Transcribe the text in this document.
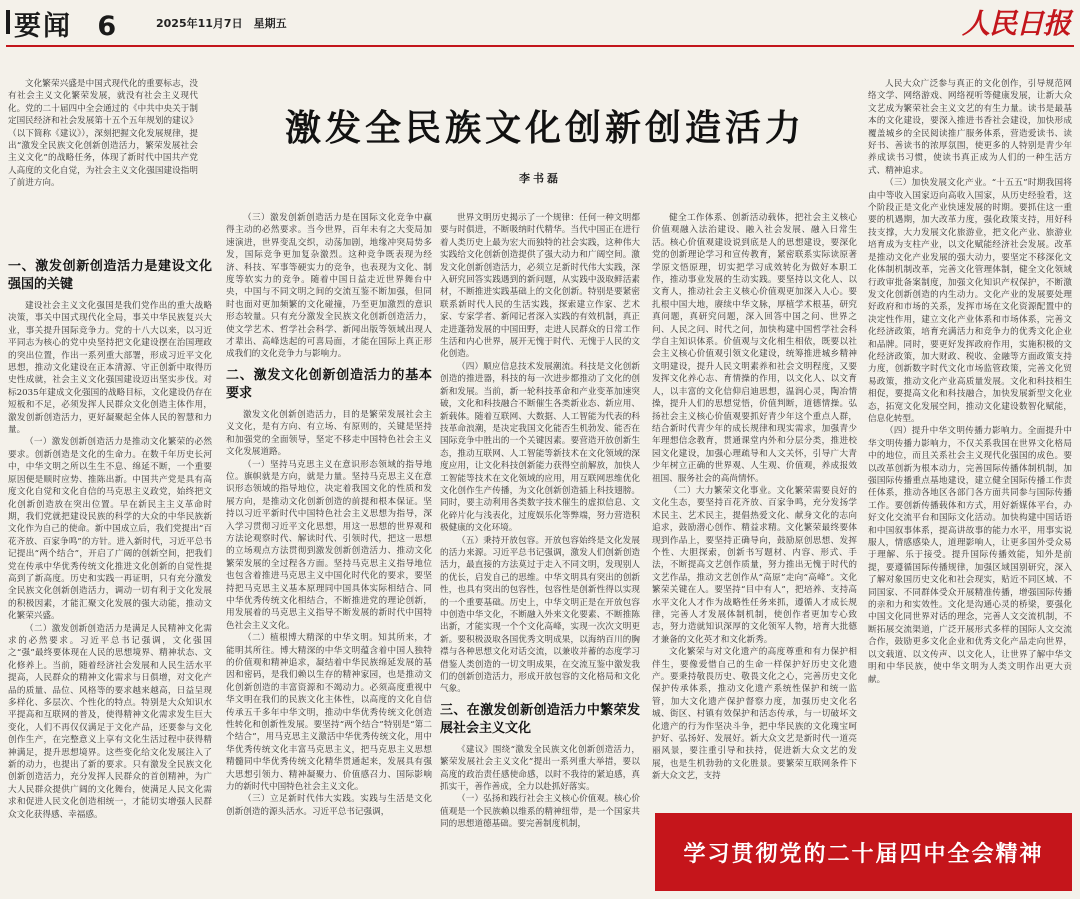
要闻 6	2025年11月7日　星期五	人民日报
激发全民族文化创新创造活力
李书磊

文化繁荣兴盛是中国式现代化的重要标志，没有社会主义文化繁荣发展，就没有社会主义现代化。党的二十届四中全会通过的《中共中央关于制定国民经济和社会发展第十五个五年规划的建议》（以下简称《建议》），深刻把握文化发展规律，提出“激发全民族文化创新创造活力，繁荣发展社会主义文化”的战略任务，体现了新时代中国共产党人高度的文化自觉，为社会主义文化强国建设指明了前进方向。

一、激发创新创造活力是建设文化强国的关键

建设社会主义文化强国是我们党作出的重大战略决策，事关中国式现代化全局，事关中华民族复兴大业，事关提升国际竞争力。党的十八大以来，以习近平同志为核心的党中央坚持把文化建设摆在治国理政的突出位置，作出一系列重大部署，形成习近平文化思想，推动文化建设在正本清源、守正创新中取得历史性成就，社会主义文化强国建设迈出坚实步伐。对标2035年建成文化强国的战略目标，文化建设仍存在短板和不足，必须发挥人民群众文化创造主体作用，激发创新创造活力，更好凝聚起全体人民的智慧和力量。

（一）激发创新创造活力是推动文化繁荣的必然要求。创新创造是文化的生命力。在数千年历史长河中，中华文明之所以生生不息、绵延不断，一个重要原因便是顺时应势、推陈出新。中国共产党是具有高度文化自觉和文化自信的马克思主义政党，始终把文化创新创造放在突出位置。早在新民主主义革命时期，我们党就把建设民族的科学的大众的中华民族新文化作为自己的使命。新中国成立后，我们党提出“百花齐放、百家争鸣”的方针。进入新时代，习近平总书记提出“两个结合”，开启了广阔的创新空间，把我们党在传承中华优秀传统文化推进文化创新的自觉性提高到了新高度。历史和实践一再证明，只有充分激发全民族文化创新创造活力，调动一切有利于文化发展的积极因素，才能汇聚文化发展的强大动能，推动文化繁荣兴盛。

（二）激发创新创造活力是满足人民精神文化需求的必然要求。习近平总书记强调，文化强国之“强”最终要体现在人民的思想境界、精神状态、文化修养上。当前，随着经济社会发展和人民生活水平提高，人民群众的精神文化需求与日俱增，对文化产品的质量、品位、风格等的要求越来越高，日益呈现多样化、多层次、个性化的特点。特别是大众知识水平提高和互联网的普及，使得精神文化需求发生巨大变化，人们不再仅仅满足于文化产品，还要参与文化创作生产，在完整意义上享有文化生活过程中获得精神满足，提升思想境界。这些变化给文化发展注入了新的动力，也提出了新的要求。只有激发全民族文化创新创造活力，充分发挥人民群众的首创精神，为广大人民群众提供广阔的文化舞台，使满足人民文化需求和促进人民文化创造相统一，才能切实增强人民群众文化获得感、幸福感。

（三）激发创新创造活力是在国际文化竞争中赢得主动的必然要求。当今世界，百年未有之大变局加速演进，世界变乱交织，动荡加剧，地缘冲突局势多发，国际竞争更加复杂激烈。这种竞争既表现为经济、科技、军事等硬实力的竞争，也表现为文化、制度等软实力的竞争。随着中国日益走近世界舞台中央，中国与不同文明之间的交流互鉴不断加强，但同时也面对更加频繁的文化碰撞，乃至更加激烈的意识形态较量。只有充分激发全民族文化创新创造活力，使文学艺术、哲学社会科学、新闻出版等领域出现人才辈出、高峰迭起的可喜局面，才能在国际上真正形成我们的文化竞争力与影响力。

二、激发文化创新创造活力的基本要求

激发文化创新创造活力，目的是繁荣发展社会主义文化，是有方向、有立场、有原则的，关键是坚持和加强党的全面领导，坚定不移走中国特色社会主义文化发展道路。

（一）坚持马克思主义在意识形态领域的指导地位。旗帜就是方向，就是力量。坚持马克思主义在意识形态领域的指导地位，决定着我国文化的性质和发展方向，是推动文化创新创造的前提和根本保证。坚持以习近平新时代中国特色社会主义思想为指导，深入学习贯彻习近平文化思想，用这一思想的世界观和方法论观察时代、解读时代、引领时代，把这一思想的立场观点方法贯彻到激发创新创造活力、推动文化繁荣发展的全过程各方面。坚持马克思主义指导地位也包含着推进马克思主义中国化时代化的要求，要坚持把马克思主义基本原理同中国具体实际相结合、同中华优秀传统文化相结合，不断推进党的理论创新，用发展着的马克思主义指导不断发展的新时代中国特色社会主义文化。

（二）植根博大精深的中华文明。知其所来，才能明其所往。博大精深的中华文明蕴含着中国人独特的价值观和精神追求，凝结着中华民族绵延发展的基因和密码，是我们赖以生存的精神家园，也是推动文化创新创造的丰富资源和不竭动力。必须高度重视中华文明在我们的民族文化主体性，以高度的文化自信传承五千多年中华文明，推动中华优秀传统文化创造性转化和创新性发展。要坚持“两个结合”特别是“第二个结合”，用马克思主义激活中华优秀传统文化，用中华优秀传统文化丰富马克思主义，把马克思主义思想精髓同中华优秀传统文化精华贯通起来，发展具有强大思想引领力、精神凝聚力、价值感召力、国际影响力的新时代中国特色社会主义文化。

（三）立足新时代伟大实践。实践与生活是文化创新创造的源头活水。习近平总书记强调，

世界文明历史揭示了一个规律：任何一种文明都要与时俱进，不断吸纳时代精华。当代中国正在进行着人类历史上最为宏大而独特的社会实践，这种伟大实践给文化创新创造提供了强大动力和广阔空间。激发文化创新创造活力，必须立足新时代伟大实践，深入研究回答实践遇到的新问题，从实践中汲取鲜活素材，不断推进实践基础上的文化创新。特别是要紧密联系新时代人民的生活实践，探索建立作家、艺术家、专家学者、新闻记者深入实践的有效机制，真正走进蓬勃发展的中国田野，走进人民群众的日常工作生活和内心世界，展开无愧于时代、无愧于人民的文化创造。

（四）顺应信息技术发展潮流。科技是文化创新创造的推进器，科技的每一次进步都推动了文化的创新和发展。当前，新一轮科技革命和产业变革加速突破，文化和科技融合不断催生各类新业态、新应用、新载体。随着互联网、大数据、人工智能为代表的科技革命浪潮，是决定我国文化能否生机勃发、能否在国际竞争中胜出的一个关键因素。要营造开放创新生态，推动互联网、人工智能等新技术在文化领域的深度应用，让文化科技创新能力获得空前解放，加快人工智能等技术在文化领域的应用，用互联网思维优化文化创作生产传播，为文化创新创造插上科技翅膀。同时，要主动利用各类数字技术催生的虚拟信息、文化碎片化与浅表化，过度娱乐化等弊端，努力营造积极健康的文化环境。

（五）秉持开放包容。开放包容始终是文化发展的活力来源。习近平总书记强调，激发人们创新创造活力，最直接的方法莫过于走入不同文明，发现别人的优长，启发自己的思维。中华文明具有突出的创新性，也具有突出的包容性，包容性是创新性得以实现的一个重要基础。历史上，中华文明正是在开放包容中创造中华文化，不断融入外来文化要素、不断推陈出新，才能实现一个个文化高峰，实现一次次文明更新。要积极汲取各国优秀文明成果，以海纳百川的胸襟与各种思想文化对话交流，以兼收并蓄的态度学习借鉴人类创造的一切文明成果，在交流互鉴中激发我们的创新创造活力，形成开放包容的文化格局和文化气象。

三、在激发创新创造活力中繁荣发展社会主义文化

《建议》围绕“激发全民族文化创新创造活力，繁荣发展社会主义文化”提出一系列重大举措，要以高度的政治责任感使命感，以时不我待的紧迫感，真抓实干，善作善成，全力以赴抓好落实。

（一）弘扬和践行社会主义核心价值观。核心价值观是一个民族赖以维系的精神纽带，是一个国家共同的思想道德基础。要完善制度机制，

健全工作体系、创新活动载体，把社会主义核心价值观融入法治建设、融入社会发展、融入日常生活。核心价值观建设说到底是人的思想建设，要深化党的创新理论学习和宣传教育，紧密联系实际读原著学原文悟原理，切实把学习成效转化为做好本职工作，推动事业发展的生动实践。要坚持以文化人、以文育人，推动社会主义核心价值观更加深入人心。要扎根中国大地，赓续中华文脉，厚植学术根基，研究真问题，真研究问题，深入回答中国之问、世界之问、人民之问、时代之问，加快构建中国哲学社会科学自主知识体系。价值观与文化相生相依，既要以社会主义核心价值观引领文化建设，统筹推进城乡精神文明建设，提升人民文明素养和社会文明程度，又要发挥文化养心志、育情操的作用，以文化人、以文育人，以丰富的文化信仰启迪思想，温润心灵，陶冶情操，提升人们的思想觉悟，价值判断，道德情操。弘扬社会主义核心价值观要抓好青少年这个重点人群，结合新时代青少年的成长规律和现实需求，加强青少年理想信念教育，贯通课堂内外和分层分类，推进校园文化建设，加强心理疏导和人文关怀，引导广大青少年树立正确的世界观、人生观、价值观，养成报效祖国、服务社会的高尚情怀。

（二）大力繁荣文化事业。文化繁荣需要良好的文化生态，要坚持百花齐放、百家争鸣，充分发扬学术民主、艺术民主，提倡热爱文化、献身文化的志向追求，鼓励潜心创作、精益求精。文化繁荣最终要体现到作品上，要坚持正确导向，鼓励原创思想、发挥个性、大胆探索，创新书写题材、内容、形式、手法，不断提高文艺创作质量，努力推出无愧于时代的文艺作品，推动文艺创作从“高原”走向“高峰”。文化繁荣关键在人。要坚持“目中有人”，把培养、支持高水平文化人才作为战略性任务来抓，遵循人才成长规律，完善人才发展体制机制，使创作者更加专心致志，努力造就知识深厚的文化领军人物，培育大批德才兼备的文化英才和文化新秀。

文化繁荣与对文化遗产的高度尊重和有力保护相伴生，要像爱惜自己的生命一样保护好历史文化遗产。要秉持敬畏历史、敬畏文化之心，完善历史文化保护传承体系，推动文化遗产系统性保护和统一监管，加大文化遗产保护督察力度，加强历史文化名城、街区、村镇有效保护和活态传承，与一切破坏文化遗产的行为作坚决斗争，把中华民族的文化瑰宝呵护好、弘扬好、发展好。新大众文艺是新时代一道亮丽风景，要注重引导和扶持，促进新大众文艺的发展，也是生机勃勃的文化胜景。要繁荣互联网条件下新大众文艺，支持

人民大众广泛参与真正的文化创作，引导规范网络文学、网络游戏、网络视听等健康发展，让新大众文艺成为繁荣社会主义文艺的有生力量。读书是最基本的文化建设，要深入推进书香社会建设，加快形成覆盖城乡的全民阅读推广服务体系，营造爱读书、读好书、善读书的浓厚氛围，使更多的人特别是青少年养成读书习惯，使读书真正成为人们的一种生活方式、精神追求。

（三）加快发展文化产业。“十五五”时期我国将由中等收入国家迈向高收入国家，从历史经验看，这个阶段正是文化产业快速发展的时期。要抓住这一重要的机遇期，加大改革力度，强化政策支持，用好科技支撑，大力发展文化旅游业，把文化产业、旅游业培育成为支柱产业，以文化赋能经济社会发展。改革是推动文化产业发展的强大动力，要坚定不移深化文化体制机制改革，完善文化管理体制，健全文化领域行政审批备案制度，加强文化知识产权保护，不断激发文化创新创造的内生动力。文化产业的发展要处理好政府和市场的关系，发挥市场在文化资源配置中的决定性作用，建立文化产业体系和市场体系，完善文化经济政策，培育充满活力和竞争力的优秀文化企业和品牌。同时，要更好发挥政府作用，实施积极的文化经济政策，加大财政、税收、金融等方面政策支持力度，创新数字时代文化市场监管政策，完善文化贸易政策，推动文化产业高质量发展。文化和科技相生相促，要提高文化和科技融合，加快发展新型文化业态，拓宽文化发展空间，推动文化建设数智化赋能，信息化转型。

（四）提升中华文明传播力影响力。全面提升中华文明传播力影响力，不仅关系我国在世界文化格局中的地位，而且关系社会主义现代化强国的成色。要以改革创新为根本动力，完善国际传播体制机制，加强国际传播重点基地建设，建立健全国际传播工作责任体系，推动各地区各部门各方面共同参与国际传播工作。要创新传播载体和方式，用好新媒体平台，办好文化交流平台和国际文化活动。加快构建中国话语和中国叙事体系，提高讲故事的能力水平，用事实说服人，情感感染人，道理影响人，让更多国外受众易于理解、乐于接受。提升国际传播效能，知外是前提，要遵循国际传播规律，加强区域国别研究，深入了解对象国历史文化和社会现实，贴近不同区域、不同国家、不同群体受众开展精准传播，增强国际传播的亲和力和实效性。文化是沟通心灵的桥梁，要强化中国文化同世界对话的理念，完善人文交流机制，不断拓展交流渠道，广泛开展形式多样的国际人文交流合作，鼓励更多文化企业和优秀文化产品走向世界，以文载道、以文传声、以文化人，让世界了解中华文明和中华民族，使中华文明为人类文明作出更大贡献。

学习贯彻党的二十届四中全会精神
